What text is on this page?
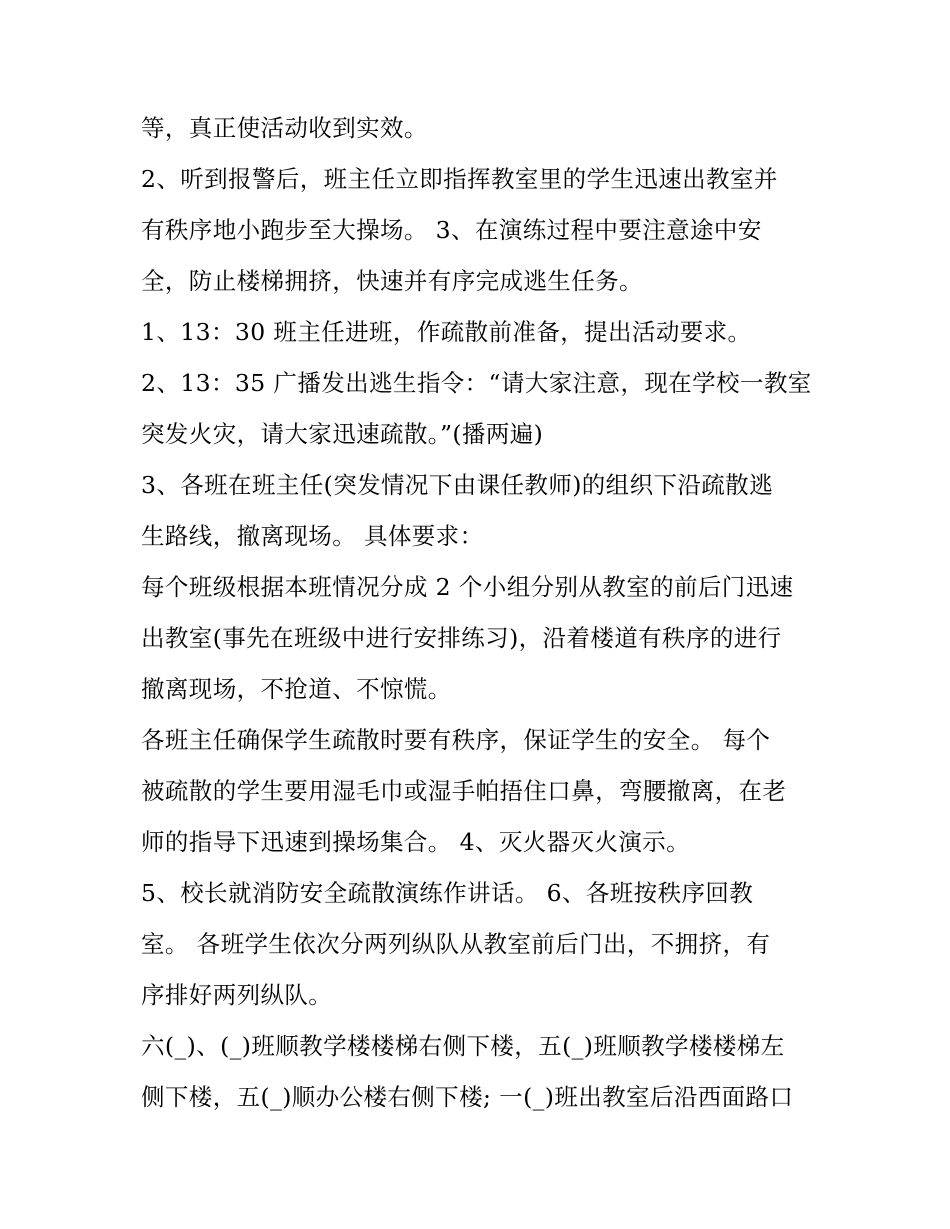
等，真正使活动收到实效。
2、听到报警后，班主任立即指挥教室里的学生迅速出教室并
有秩序地小跑步至大操场。 3、在演练过程中要注意途中安
全，防止楼梯拥挤，快速并有序完成逃生任务。
1、13：30 班主任进班，作疏散前准备，提出活动要求。
2、13：35 广播发出逃生指令：“请大家注意，现在学校一教室
突发火灾，请大家迅速疏散。”(播两遍)
3、各班在班主任(突发情况下由课任教师)的组织下沿疏散逃
生路线，撤离现场。 具体要求：
每个班级根据本班情况分成 2 个小组分别从教室的前后门迅速
出教室(事先在班级中进行安排练习)，沿着楼道有秩序的进行
撤离现场，不抢道、不惊慌。
各班主任确保学生疏散时要有秩序，保证学生的安全。 每个
被疏散的学生要用湿毛巾或湿手帕捂住口鼻，弯腰撤离，在老
师的指导下迅速到操场集合。 4、灭火器灭火演示。
5、校长就消防安全疏散演练作讲话。 6、各班按秩序回教
室。 各班学生依次分两列纵队从教室前后门出，不拥挤，有
序排好两列纵队。
六(_)、(_)班顺教学楼楼梯右侧下楼，五(_)班顺教学楼楼梯左
侧下楼，五(_)顺办公楼右侧下楼; 一(_)班出教室后沿西面路口
